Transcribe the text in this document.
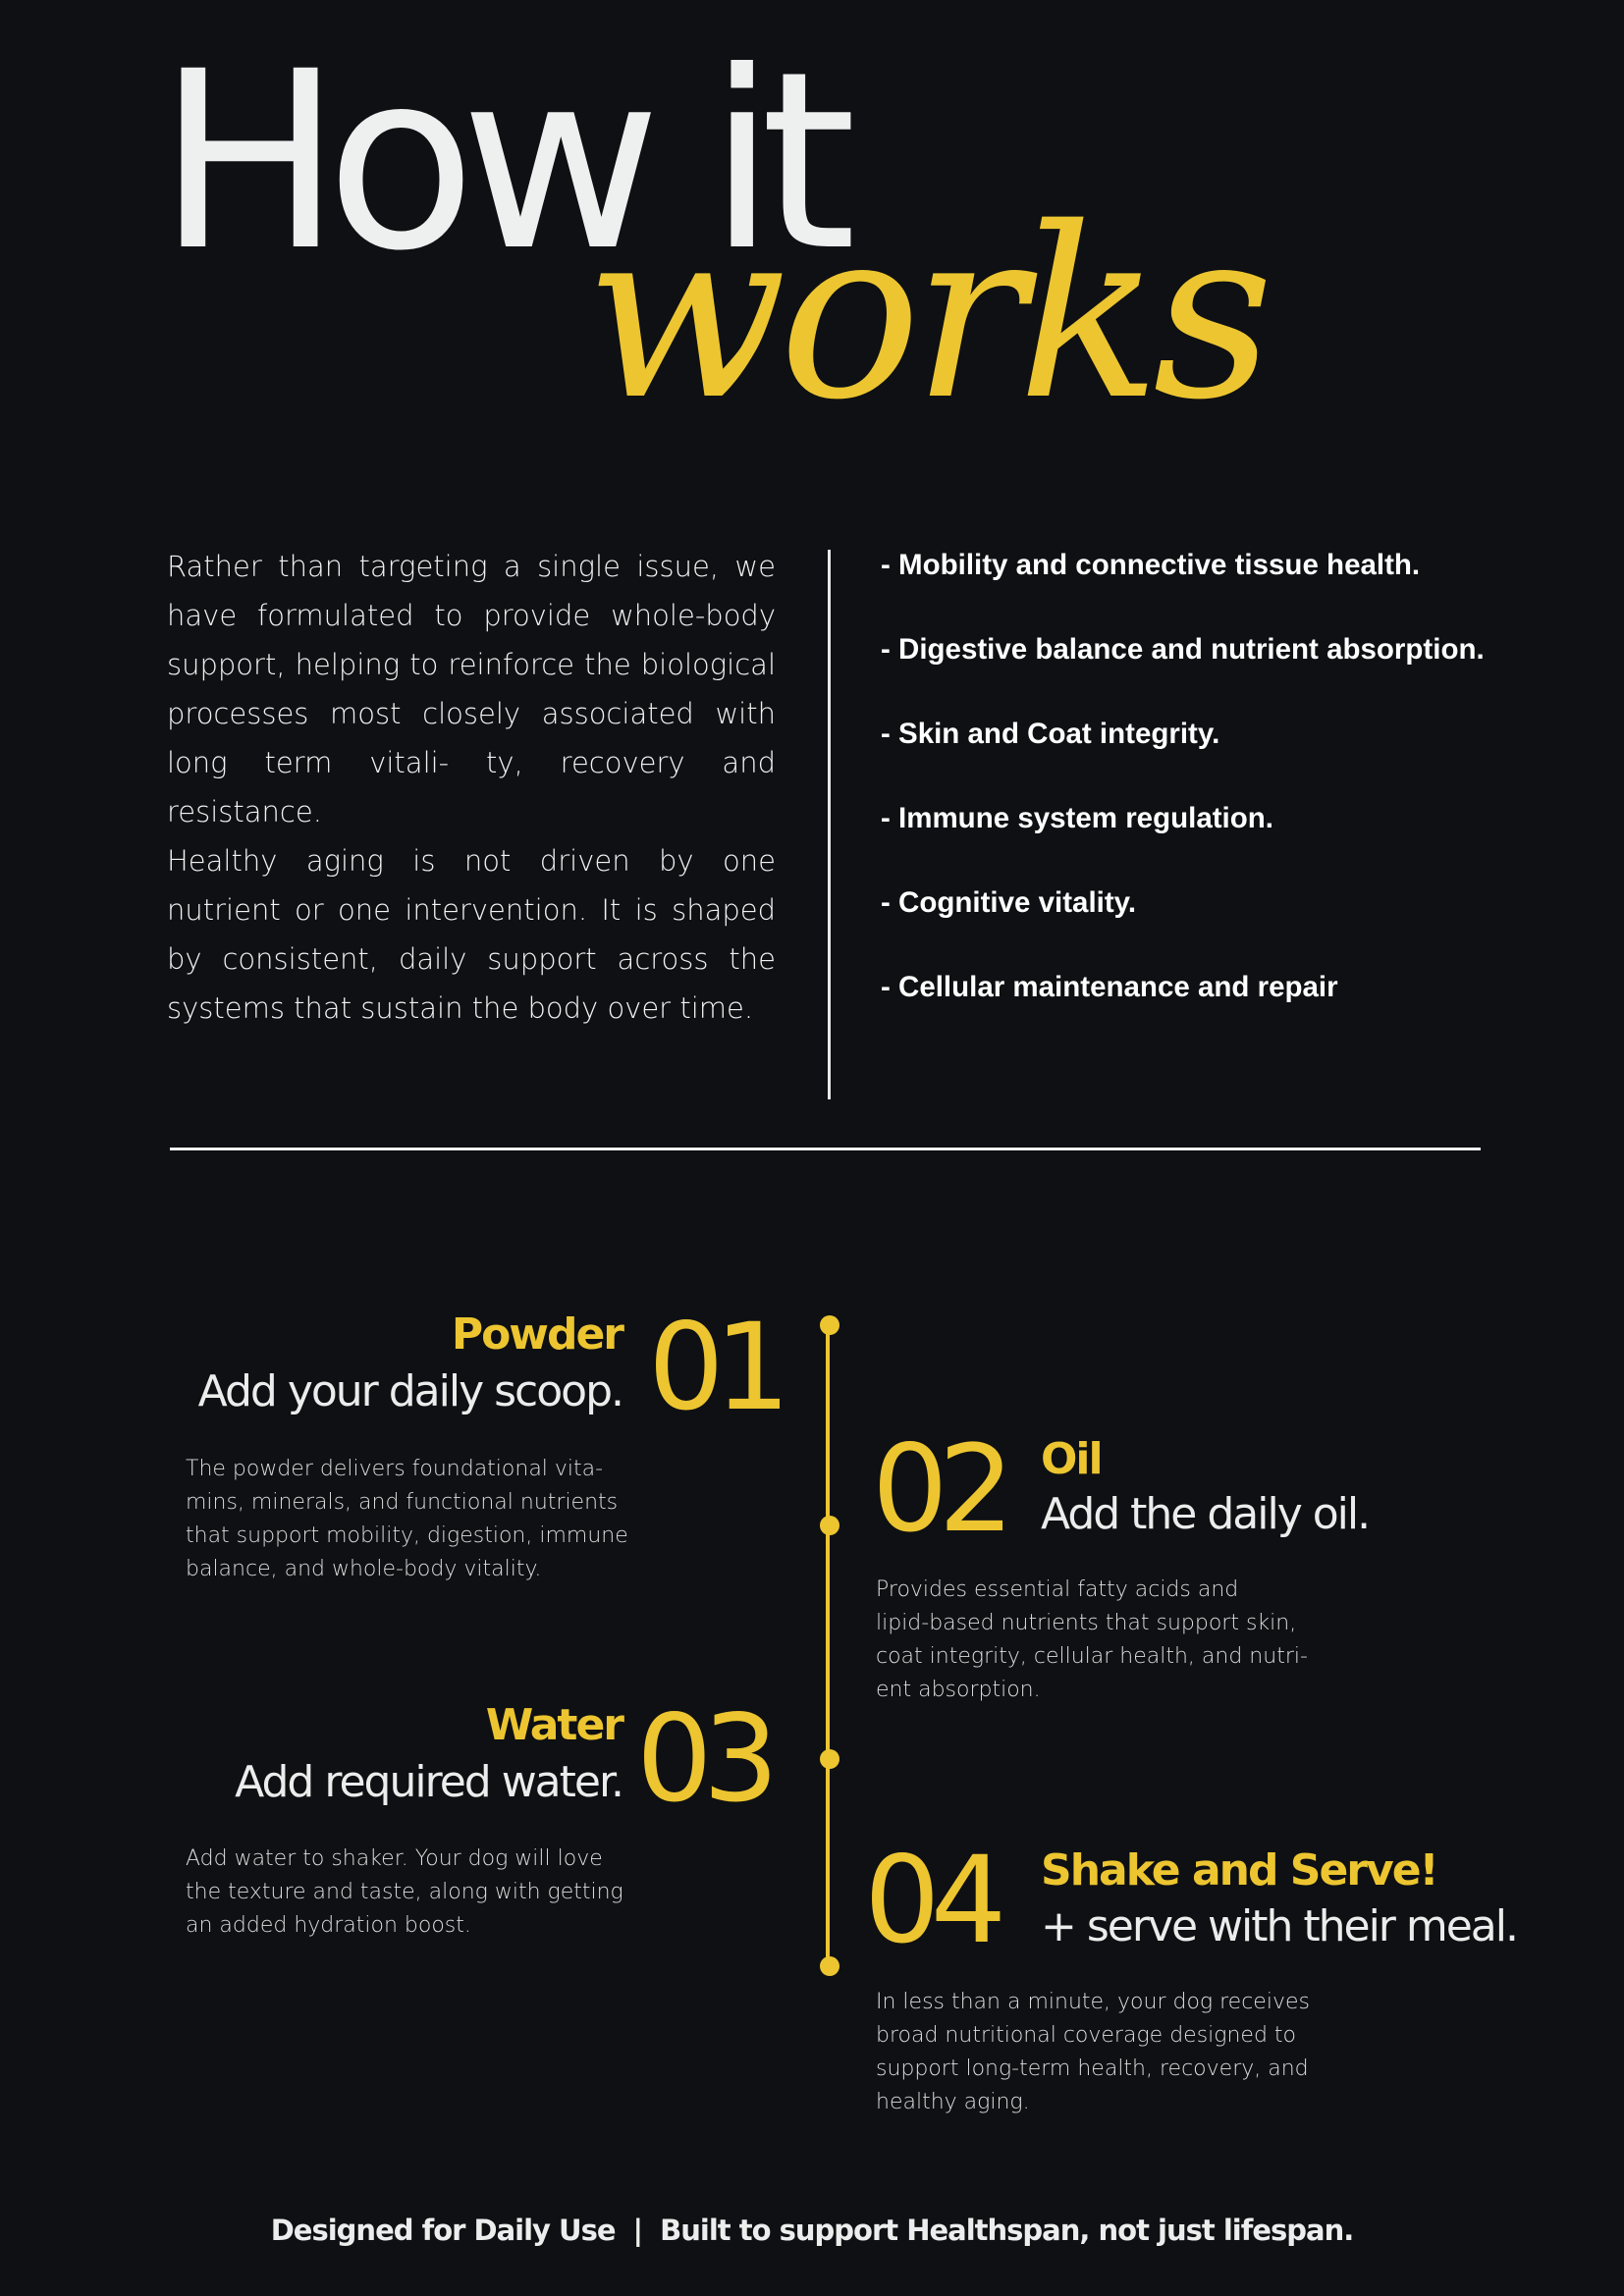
How it
works

Rather than targeting a single issue, we have formulated to provide whole-body support, helping to reinforce the biological processes most closely associated with long term vitali- ty, recovery and resistance.

Healthy aging is not driven by one nutrient or one intervention. It is shaped by consistent, daily support across the systems that sustain the body over time.

- Mobility and connective tissue health.
- Digestive balance and nutrient absorption.
- Skin and Coat integrity.
- Immune system regulation.
- Cognitive vitality.
- Cellular maintenance and repair
01
Powder
Add your daily scoop.

The powder delivers foundational vita-

mins, minerals, and functional nutrients

that support mobility, digestion, immune

balance, and whole-body vitality.

02 Oil
Add the daily oil.

Provides essential fatty acids and

lipid-based nutrients that support skin,

coat integrity, cellular health, and nutri-

ent absorption.

03
Water
Add required water.

Add water to shaker. Your dog will love

the texture and taste, along with getting

an added hydration boost.	04 Shake and Serve!
+ serve with their meal.

In less than a minute, your dog receives

broad nutritional coverage designed to

support long-term health, recovery, and

healthy aging.

Designed for Daily Use | Built to support Healthspan, not just lifespan.
